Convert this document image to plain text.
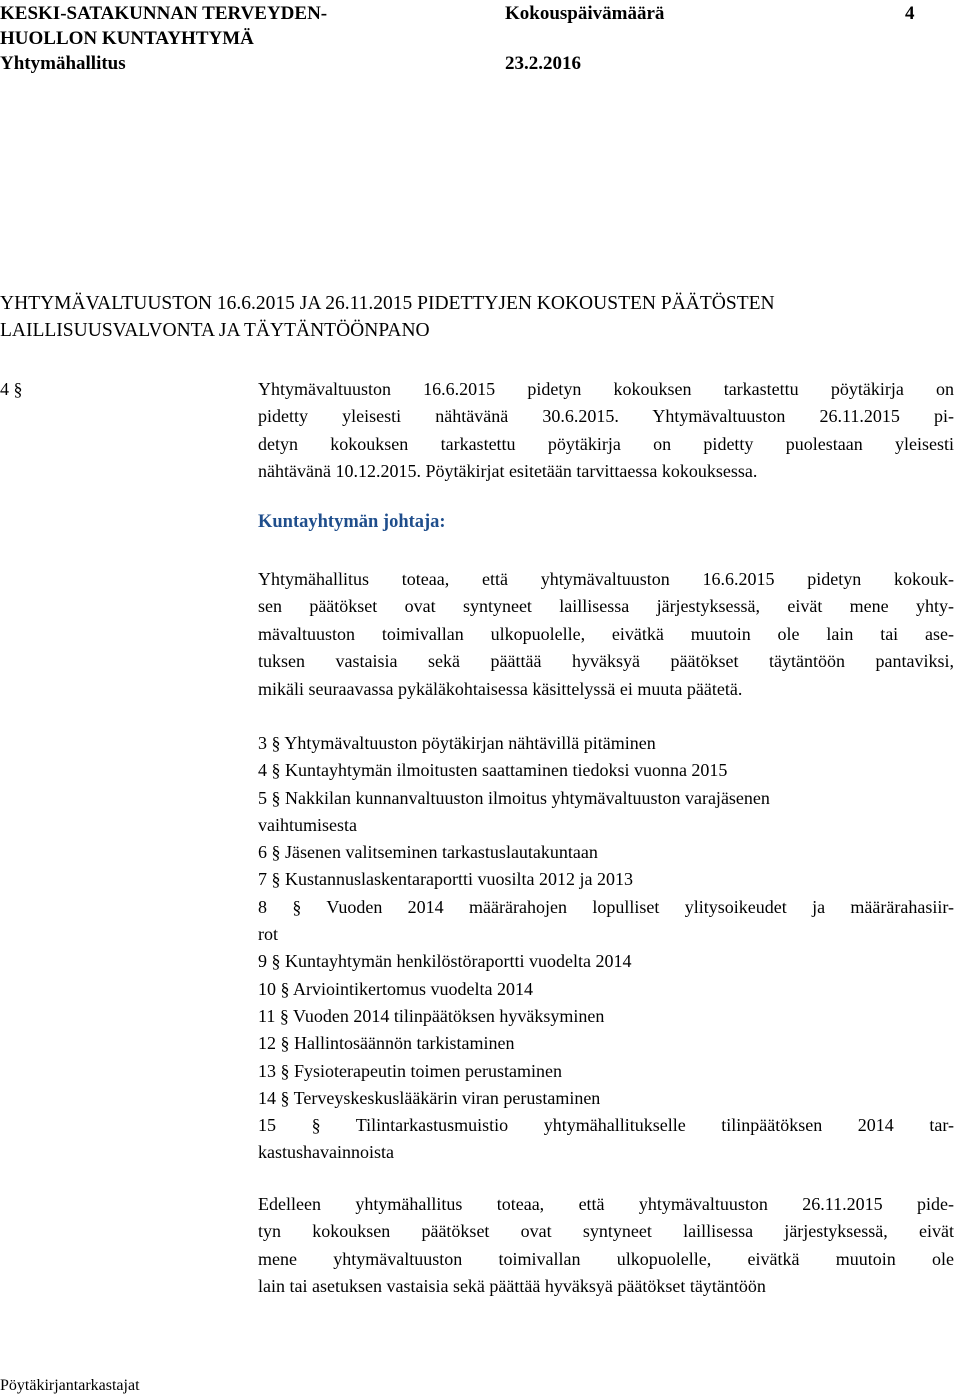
KESKI-SATAKUNNAN TERVEYDEN-
HUOLLON KUNTAYHTYMÄ
Yhtymähallitus
Kokouspäivämäärä
23.2.2016
4
YHTYMÄVALTUUSTON 16.6.2015 JA 26.11.2015 PIDETTYJEN KOKOUSTEN PÄÄTÖSTEN
LAILLISUUSVALVONTA JA TÄYTÄNTÖÖNPANO
4 §	Yhtymävaltuuston 16.6.2015 pidetyn kokouksen tarkastettu pöytäkirja on
pidetty yleisesti nähtävänä 30.6.2015. Yhtymävaltuuston 26.11.2015 pi-
detyn kokouksen tarkastettu pöytäkirja on pidetty puolestaan yleisesti
nähtävänä 10.12.2015. Pöytäkirjat esitetään tarvittaessa kokouksessa.
Kuntayhtymän johtaja:
Yhtymähallitus toteaa, että yhtymävaltuuston 16.6.2015 pidetyn kokouk-
sen päätökset ovat syntyneet laillisessa järjestyksessä, eivät mene yhty-
mävaltuuston toimivallan ulkopuolelle, eivätkä muutoin ole lain tai ase-
tuksen vastaisia sekä päättää hyväksyä päätökset täytäntöön pantaviksi,
mikäli seuraavassa pykäläkohtaisessa käsittelyssä ei muuta päätetä.
3 § Yhtymävaltuuston pöytäkirjan nähtävillä pitäminen
4 § Kuntayhtymän ilmoitusten saattaminen tiedoksi vuonna 2015
5 § Nakkilan kunnanvaltuuston ilmoitus yhtymävaltuuston varajäsenen
vaihtumisesta
6 § Jäsenen valitseminen tarkastuslautakuntaan
7 § Kustannuslaskentaraportti vuosilta 2012 ja 2013
8 § Vuoden 2014 määrärahojen lopulliset ylitysoikeudet ja määrärahasiir-
rot
9 § Kuntayhtymän henkilöstöraportti vuodelta 2014
10 § Arviointikertomus vuodelta 2014
11 § Vuoden 2014 tilinpäätöksen hyväksyminen
12 § Hallintosäännön tarkistaminen
13 § Fysioterapeutin toimen perustaminen
14 § Terveyskeskuslääkärin viran perustaminen
15 § Tilintarkastusmuistio yhtymähallitukselle tilinpäätöksen 2014 tar-
kastushavainnoista
Edelleen yhtymähallitus toteaa, että yhtymävaltuuston 26.11.2015 pide-
tyn kokouksen päätökset ovat syntyneet laillisessa järjestyksessä, eivät
mene yhtymävaltuuston toimivallan ulkopuolelle, eivätkä muutoin ole
lain tai asetuksen vastaisia sekä päättää hyväksyä päätökset täytäntöön
Pöytäkirjantarkastajat
